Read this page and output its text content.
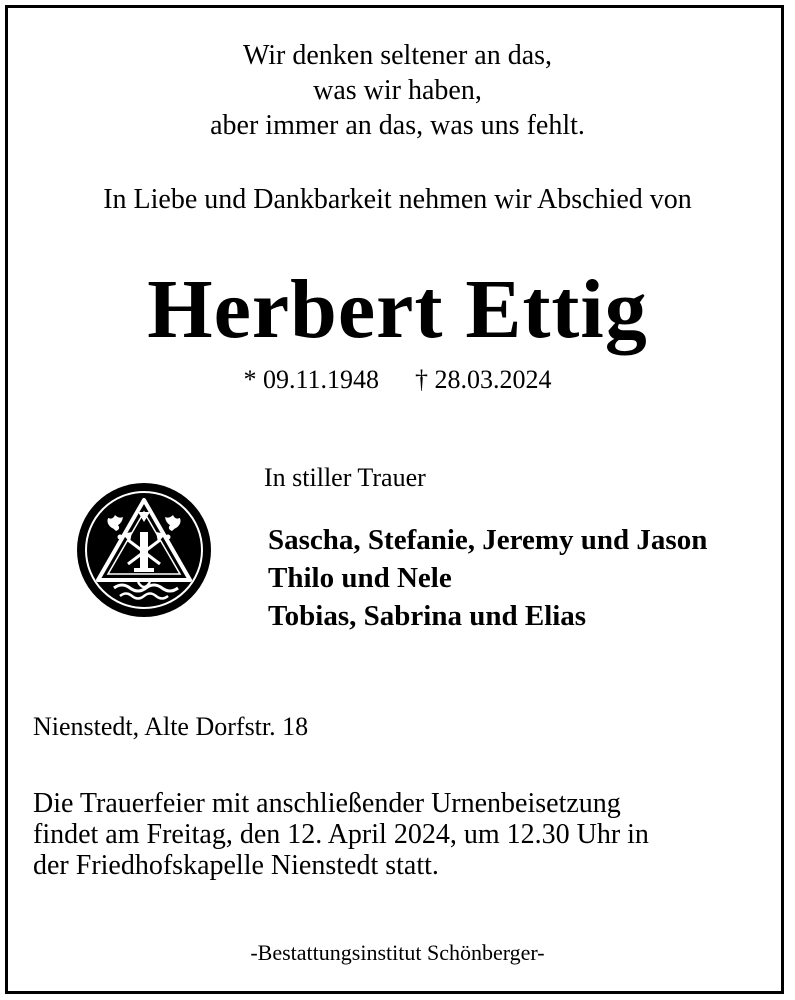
Wir denken seltener an das,
was wir haben,
aber immer an das, was uns fehlt.
In Liebe und Dankbarkeit nehmen wir Abschied von
Herbert Ettig
* 09.11.1948 † 28.03.2024
In stiller Trauer
Sascha, Stefanie, Jeremy und Jason
Thilo und Nele
Tobias, Sabrina und Elias
Nienstedt, Alte Dorfstr. 18
Die Trauerfeier mit anschließender Urnenbeisetzung
findet am Freitag, den 12. April 2024, um 12.30 Uhr in
der Friedhofskapelle Nienstedt statt.
-Bestattungsinstitut Schönberger-
